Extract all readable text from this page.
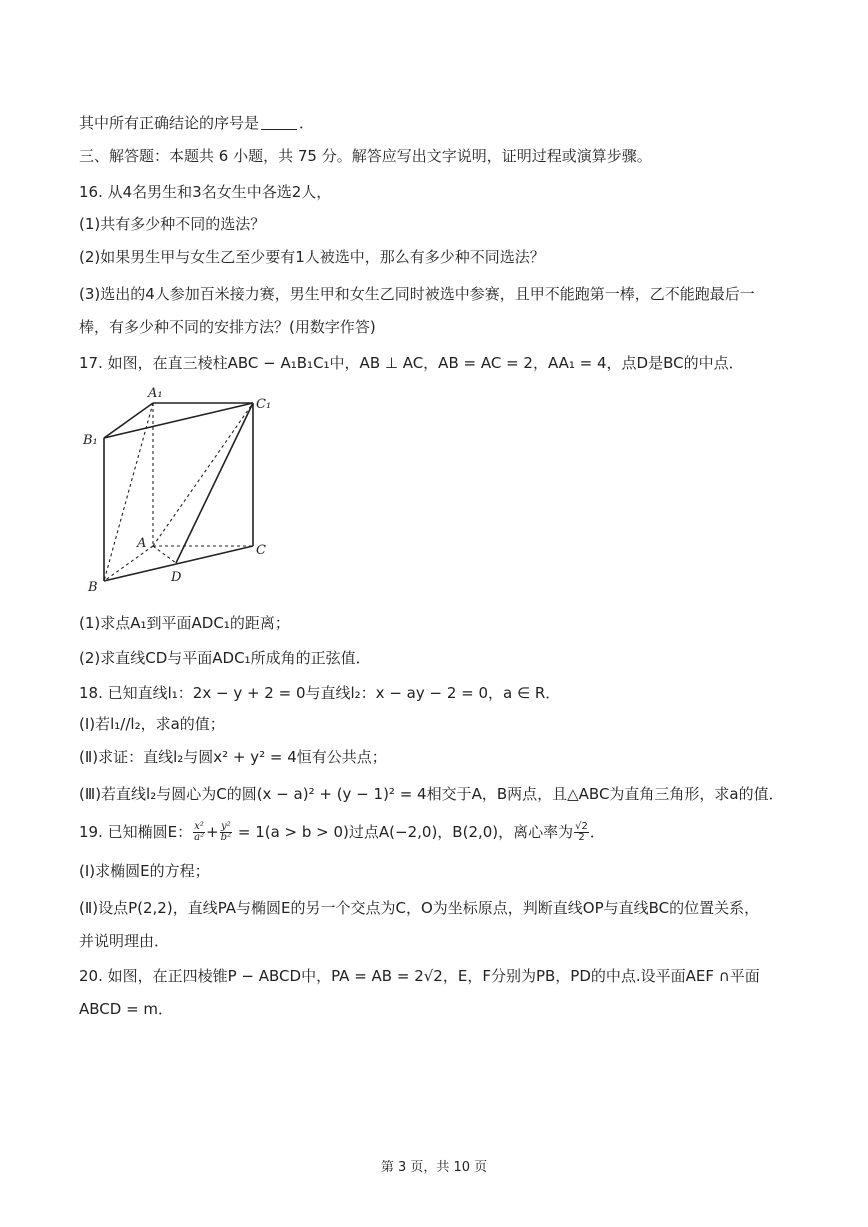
其中所有正确结论的序号是	．
三、解答题：本题共 6 小题，共 75 分。解答应写出文字说明，证明过程或演算步骤。
16. 从4名男生和3名女生中各选2人，
(1)共有多少种不同的选法？
(2)如果男生甲与女生乙至少要有1人被选中，那么有多少种不同选法？
(3)选出的4人参加百米接力赛，男生甲和女生乙同时被选中参赛，且甲不能跑第一棒，乙不能跑最后一
棒，有多少种不同的安排方法？(用数字作答)
17. 如图，在直三棱柱ABC − A₁B₁C₁中，AB ⊥ AC，AB = AC = 2，AA₁ = 4，点D是BC的中点．
A₁
C₁
B₁
A	C
B
D
(1)求点A₁到平面ADC₁的距离；
(2)求直线CD与平面ADC₁所成角的正弦值．
18. 已知直线l₁：2x − y + 2 = 0与直线l₂：x − ay − 2 = 0，a ∈ R．
(Ⅰ)若l₁//l₂，求a的值；
(Ⅱ)求证：直线l₂与圆x² + y² = 4恒有公共点；
(Ⅲ)若直线l₂与圆心为C的圆(x − a)² + (y − 1)² = 4相交于A，B两点，且△ABC为直角三角形，求a的值．
19. 已知椭圆E： $\frac{\text{x²}}{\text{a²}} + \frac{\text{y²}}{\text{b²}} = 1(a > b > 0)$过点A(−2,0)，B(2,0)，离心率为 $\frac{√2}{2}$ ．
(Ⅰ)求椭圆E的方程；
(Ⅱ)设点P(2,2)，直线PA与椭圆E的另一个交点为C，O为坐标原点，判断直线OP与直线BC的位置关系，
并说明理由．
20. 如图，在正四棱锥P − ABCD中，PA = AB = 2√2，E，F分别为PB，PD的中点.设平面AEF ∩平面
ABCD = m．
第 3 页，共 10 页
